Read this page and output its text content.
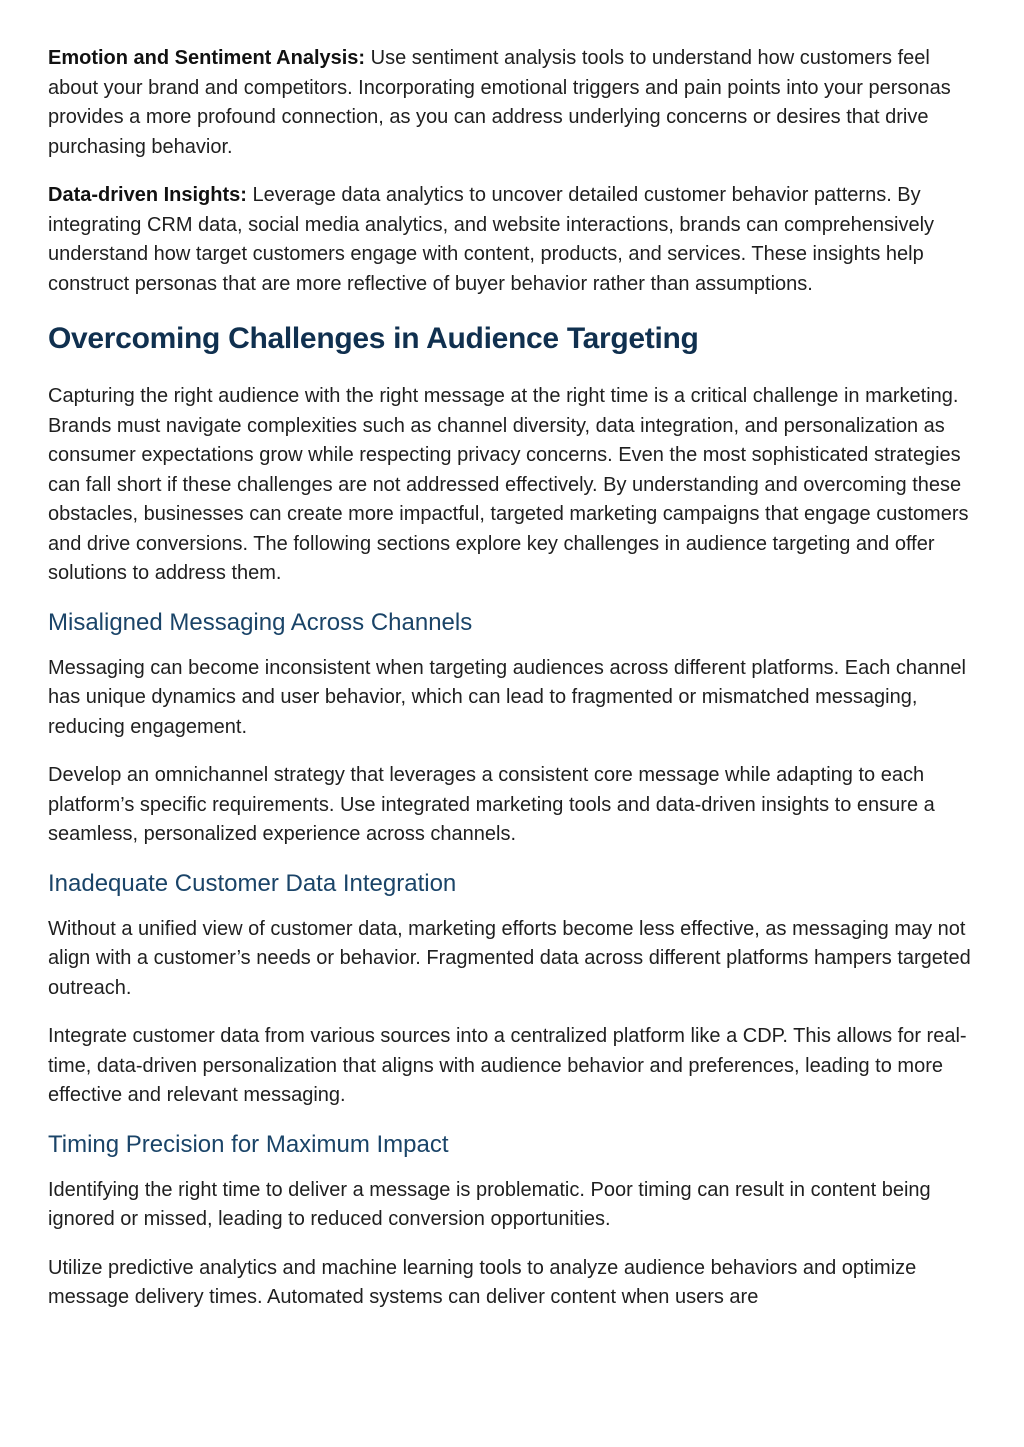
Emotion and Sentiment Analysis: Use sentiment analysis tools to understand how customers feel about your brand and competitors. Incorporating emotional triggers and pain points into your personas provides a more profound connection, as you can address underlying concerns or desires that drive purchasing behavior.

Data-driven Insights: Leverage data analytics to uncover detailed customer behavior patterns. By integrating CRM data, social media analytics, and website interactions, brands can comprehensively understand how target customers engage with content, products, and services. These insights help construct personas that are more reflective of buyer behavior rather than assumptions.

Overcoming Challenges in Audience Targeting

Capturing the right audience with the right message at the right time is a critical challenge in marketing. Brands must navigate complexities such as channel diversity, data integration, and personalization as consumer expectations grow while respecting privacy concerns. Even the most sophisticated strategies can fall short if these challenges are not addressed effectively. By understanding and overcoming these obstacles, businesses can create more impactful, targeted marketing campaigns that engage customers and drive conversions. The following sections explore key challenges in audience targeting and offer solutions to address them.

Misaligned Messaging Across Channels

Messaging can become inconsistent when targeting audiences across different platforms. Each channel has unique dynamics and user behavior, which can lead to fragmented or mismatched messaging, reducing engagement.

Develop an omnichannel strategy that leverages a consistent core message while adapting to each platform’s specific requirements. Use integrated marketing tools and data-driven insights to ensure a seamless, personalized experience across channels.

Inadequate Customer Data Integration

Without a unified view of customer data, marketing efforts become less effective, as messaging may not align with a customer’s needs or behavior. Fragmented data across different platforms hampers targeted outreach.

Integrate customer data from various sources into a centralized platform like a CDP. This allows for real-time, data-driven personalization that aligns with audience behavior and preferences, leading to more effective and relevant messaging.

Timing Precision for Maximum Impact

Identifying the right time to deliver a message is problematic. Poor timing can result in content being ignored or missed, leading to reduced conversion opportunities.

Utilize predictive analytics and machine learning tools to analyze audience behaviors and optimize message delivery times. Automated systems can deliver content when users are
